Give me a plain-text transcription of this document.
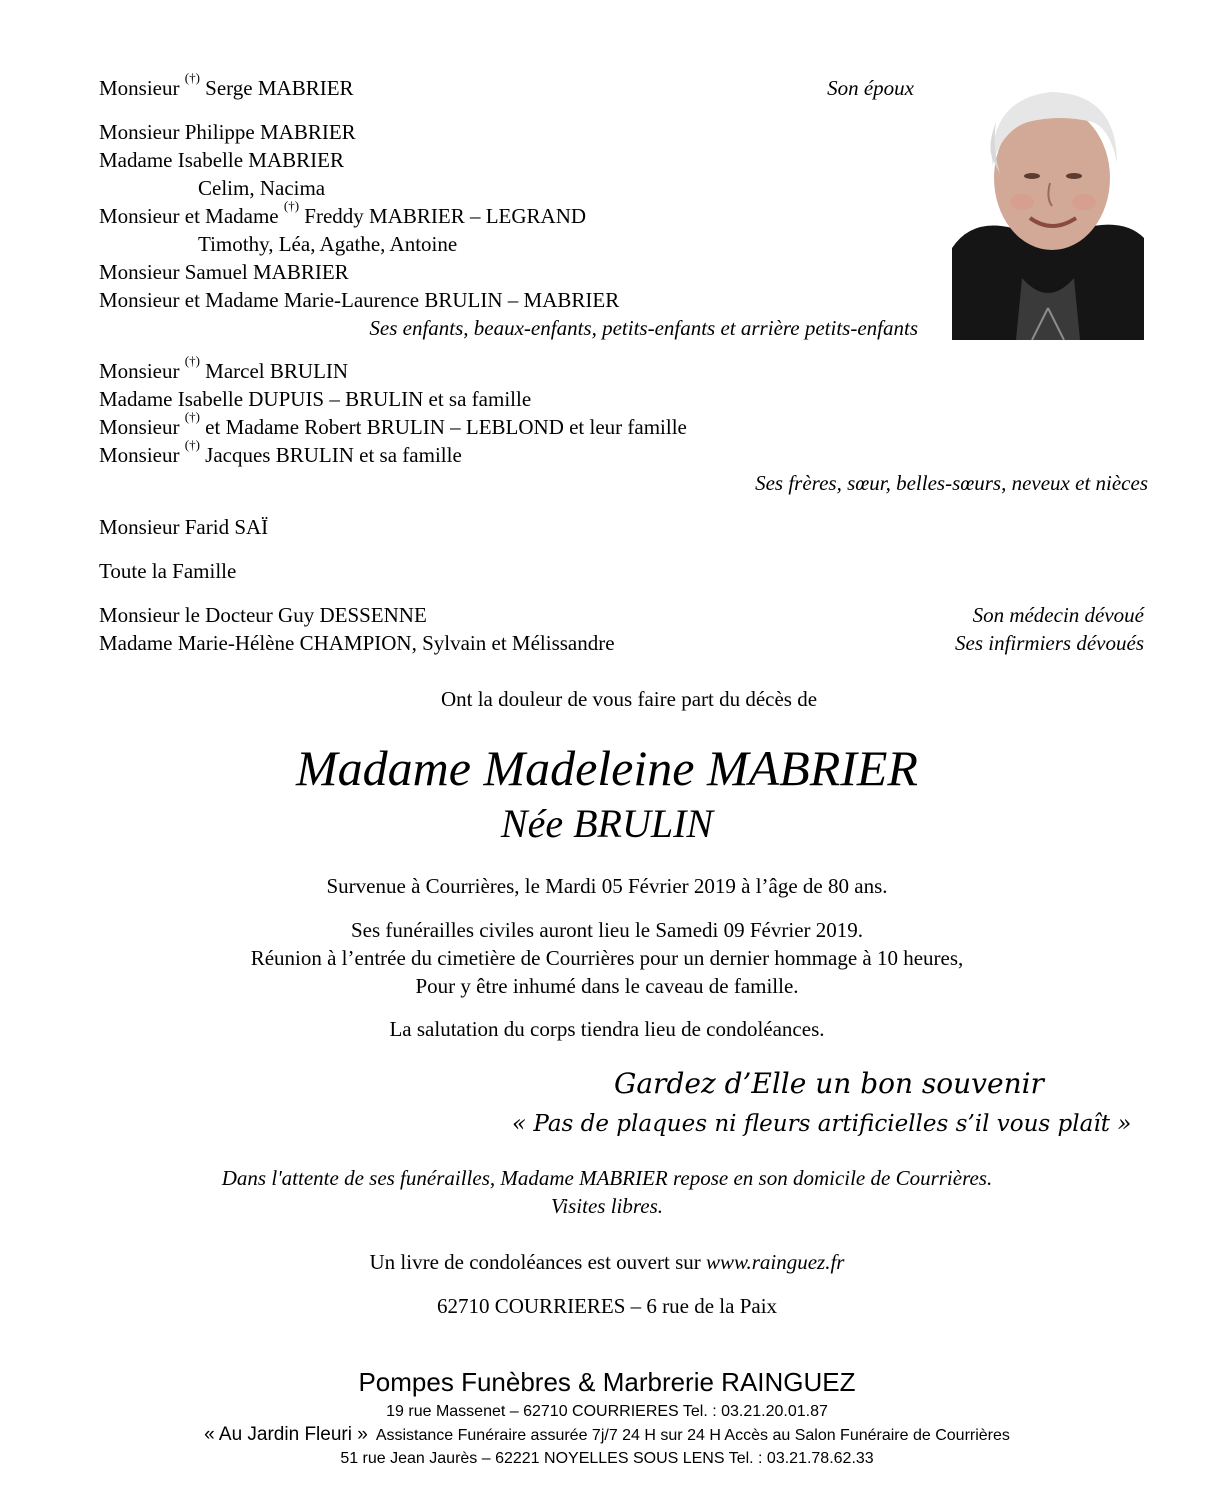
Monsieur (†) Serge MABRIER	Son époux
Monsieur Philippe MABRIER
Madame Isabelle MABRIER
Celim, Nacima
Monsieur et Madame (†) Freddy MABRIER – LEGRAND
Timothy, Léa, Agathe, Antoine
Monsieur Samuel MABRIER
Monsieur et Madame Marie-Laurence BRULIN – MABRIER
Ses enfants, beaux-enfants, petits-enfants et arrière petits-enfants
Monsieur (†) Marcel BRULIN
Madame Isabelle DUPUIS – BRULIN et sa famille
Monsieur (†) et Madame Robert BRULIN – LEBLOND et leur famille
Monsieur (†) Jacques BRULIN et sa famille
Ses frères, sœur, belles-sœurs, neveux et nièces
Monsieur Farid SAÏ
Toute la Famille
Monsieur le Docteur Guy DESSENNE	Son médecin dévoué
Madame Marie-Hélène CHAMPION, Sylvain et Mélissandre	Ses infirmiers dévoués
Ont la douleur de vous faire part du décès de
Madame Madeleine MABRIER
Née BRULIN
Survenue à Courrières, le Mardi 05 Février 2019 à l’âge de 80 ans.
Ses funérailles civiles auront lieu le Samedi 09 Février 2019.
Réunion à l’entrée du cimetière de Courrières pour un dernier hommage à 10 heures,
Pour y être inhumé dans le caveau de famille.
La salutation du corps tiendra lieu de condoléances.
Gardez d’Elle un bon souvenir
« Pas de plaques ni fleurs artificielles s’il vous plaît »
Dans l'attente de ses funérailles, Madame MABRIER repose en son domicile de Courrières.
Visites libres.
Un livre de condoléances est ouvert sur www.rainguez.fr
62710 COURRIERES – 6 rue de la Paix
Pompes Funèbres & Marbrerie RAINGUEZ
19 rue Massenet – 62710 COURRIERES Tel. : 03.21.20.01.87
« Au Jardin Fleuri » Assistance Funéraire assurée 7j/7 24 H sur 24 H Accès au Salon Funéraire de Courrières
51 rue Jean Jaurès – 62221 NOYELLES SOUS LENS Tel. : 03.21.78.62.33
